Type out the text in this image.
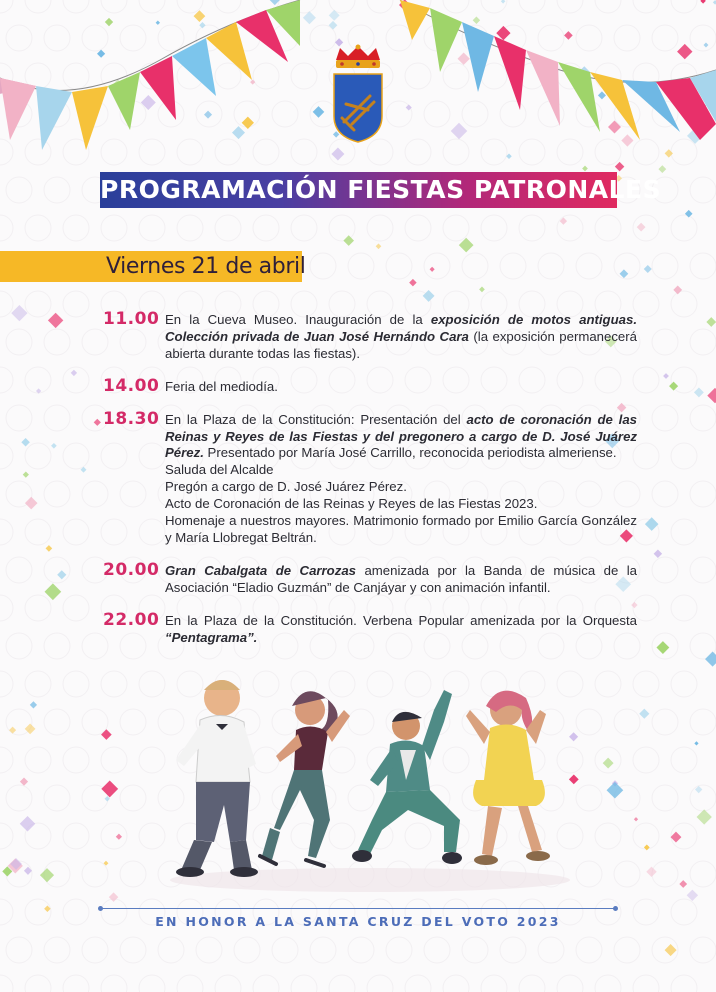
PROGRAMACIÓN FIESTAS PATRONALES
Viernes 21 de abril
11.00 En la Cueva Museo. Inauguración de la exposición de motos antiguas. Colección privada de Juan José Hernándo Cara (la exposición permanecerá abierta durante todas las fiestas).

14.00 Feria del mediodía.

18.30 En la Plaza de la Constitución: Presentación del acto de coronación de las Reinas y Reyes de las Fiestas y del pregonero a cargo de D. José Juárez Pérez. Presentado por María José Carrillo, reconocida periodista almeriense.

Saluda del Alcalde

Pregón a cargo de D. José Juárez Pérez.

Acto de Coronación de las Reinas y Reyes de las Fiestas 2023.

Homenaje a nuestros mayores. Matrimonio formado por Emilio García González y María Llobregat Beltrán.

20.00 Gran Cabalgata de Carrozas amenizada por la Banda de música de la Asociación “Eladio Guzmán” de Canjáyar y con animación infantil.

22.00 En la Plaza de la Constitución. Verbena Popular amenizada por la Orquesta “Pentagrama”.

EN HONOR A LA SANTA CRUZ DEL VOTO 2023
